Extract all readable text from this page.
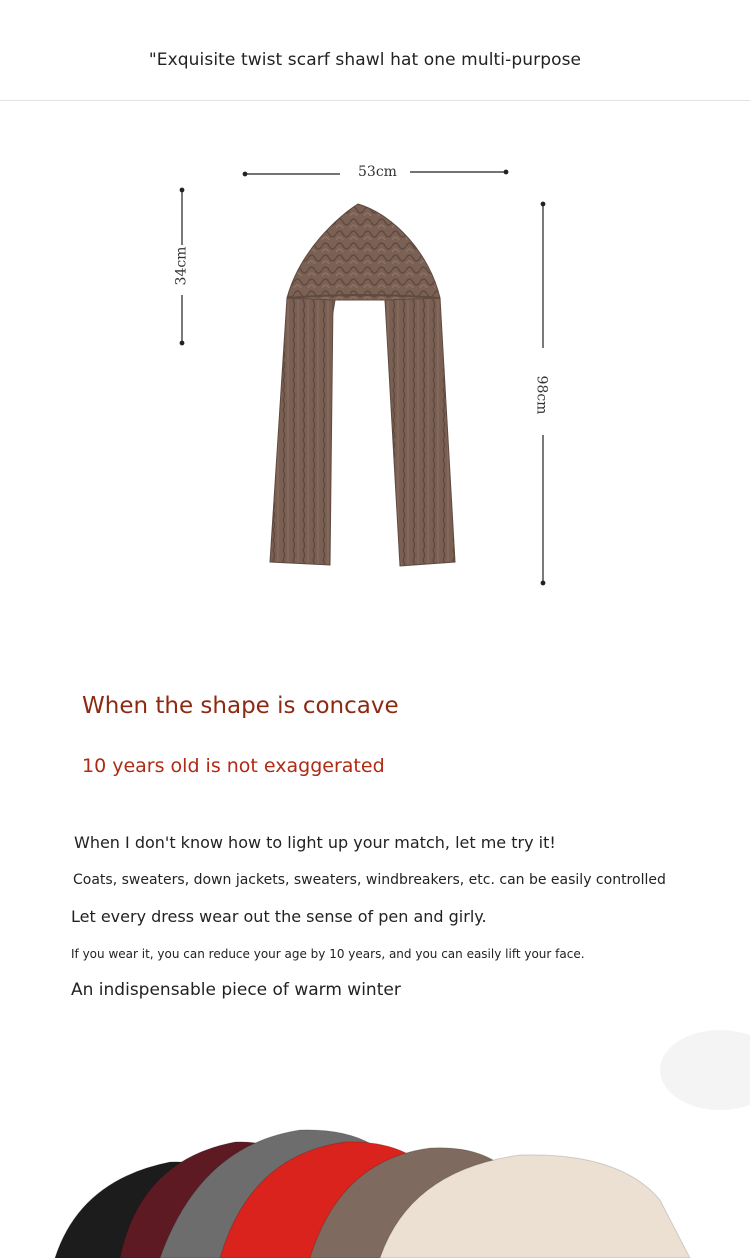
"Exquisite twist scarf shawl hat one multi-purpose
53cm
34cm
98cm
When the shape is concave
10 years old is not exaggerated
When I don't know how to light up your match, let me try it!
Coats, sweaters, down jackets, sweaters, windbreakers, etc. can be easily controlled
Let every dress wear out the sense of pen and girly.
If you wear it, you can reduce your age by 10 years, and you can easily lift your face.
An indispensable piece of warm winter
